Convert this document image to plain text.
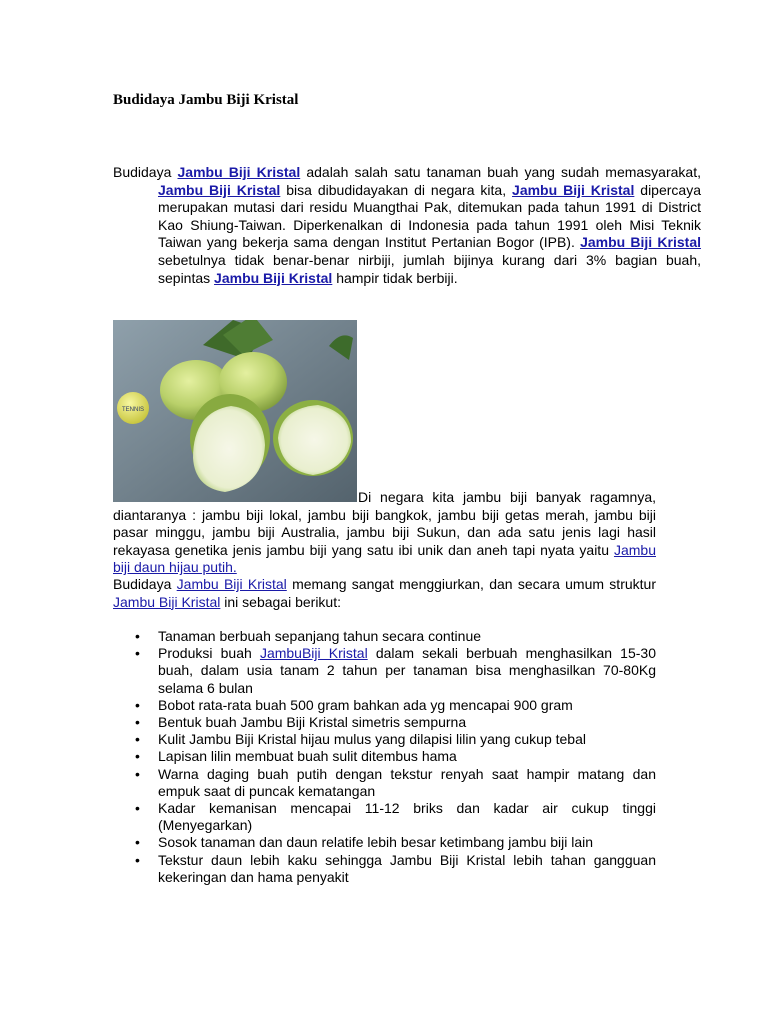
Budidaya Jambu Biji Kristal

Budidaya Jambu Biji Kristal adalah salah satu tanaman buah yang sudah memasyarakat, Jambu Biji Kristal bisa dibudidayakan di negara kita, Jambu Biji Kristal dipercaya merupakan mutasi dari residu Muangthai Pak, ditemukan pada tahun 1991 di District Kao Shiung-Taiwan. Diperkenalkan di Indonesia pada tahun 1991 oleh Misi Teknik Taiwan yang bekerja sama dengan Institut Pertanian Bogor (IPB). Jambu Biji Kristal sebetulnya tidak benar-benar nirbiji, jumlah bijinya kurang dari 3% bagian buah, sepintas Jambu Biji Kristal hampir tidak berbiji.

TENNIS

Di negara kita jambu biji banyak ragamnya, diantaranya : jambu biji lokal, jambu biji bangkok, jambu biji getas merah, jambu biji pasar minggu, jambu biji Australia, jambu biji Sukun, dan ada satu jenis lagi hasil rekayasa genetika jenis jambu biji yang satu ibi unik dan aneh tapi nyata yaitu Jambu biji daun hijau putih.

Budidaya Jambu Biji Kristal memang sangat menggiurkan, dan secara umum struktur Jambu Biji Kristal ini sebagai berikut:

• Tanaman berbuah sepanjang tahun secara continue
• Produksi buah JambuBiji Kristal dalam sekali berbuah menghasilkan 15-30 buah, dalam usia tanam 2 tahun per tanaman bisa menghasilkan 70-80Kg selama 6 bulan
• Bobot rata-rata buah 500 gram bahkan ada yg mencapai 900 gram
• Bentuk buah Jambu Biji Kristal simetris sempurna
• Kulit Jambu Biji Kristal hijau mulus yang dilapisi lilin yang cukup tebal
• Lapisan lilin membuat buah sulit ditembus hama
• Warna daging buah putih dengan tekstur renyah saat hampir matang dan empuk saat di puncak kematangan
• Kadar kemanisan mencapai 11-12 briks dan kadar air cukup tinggi (Menyegarkan)
• Sosok tanaman dan daun relatife lebih besar ketimbang jambu biji lain
• Tekstur daun lebih kaku sehingga Jambu Biji Kristal lebih tahan gangguan kekeringan dan hama penyakit
